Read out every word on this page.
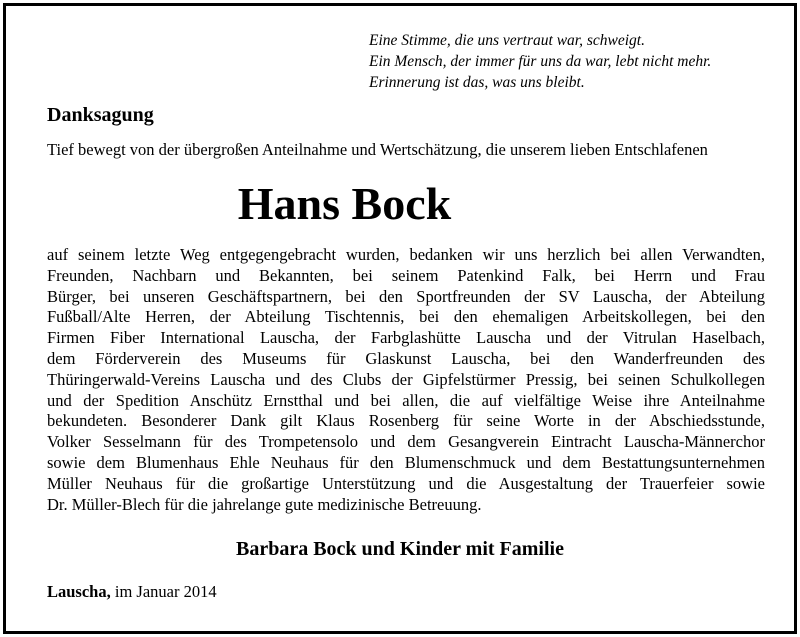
Eine Stimme, die uns vertraut war, schweigt.
Ein Mensch, der immer für uns da war, lebt nicht mehr.
Erinnerung ist das, was uns bleibt.
Danksagung
Tief bewegt von der übergroßen Anteilnahme und Wertschätzung, die unserem lieben Entschlafenen
Hans Bock
auf seinem letzte Weg entgegengebracht wurden, bedanken wir uns herzlich bei allen Verwandten,
Freunden, Nachbarn und Bekannten, bei seinem Patenkind Falk, bei Herrn und Frau
Bürger, bei unseren Geschäftspartnern, bei den Sportfreunden der SV Lauscha, der Abteilung
Fußball/Alte Herren, der Abteilung Tischtennis, bei den ehemaligen Arbeitskollegen, bei den
Firmen Fiber International Lauscha, der Farbglashütte Lauscha und der Vitrulan Haselbach,
dem Förderverein des Museums für Glaskunst Lauscha, bei den Wanderfreunden des
Thüringerwald-Vereins Lauscha und des Clubs der Gipfelstürmer Pressig, bei seinen Schulkollegen
und der Spedition Anschütz Ernstthal und bei allen, die auf vielfältige Weise ihre Anteilnahme
bekundeten. Besonderer Dank gilt Klaus Rosenberg für seine Worte in der Abschiedsstunde,
Volker Sesselmann für des Trompetensolo und dem Gesangverein Eintracht Lauscha-Männerchor
sowie dem Blumenhaus Ehle Neuhaus für den Blumenschmuck und dem Bestattungsunternehmen
Müller Neuhaus für die großartige Unterstützung und die Ausgestaltung der Trauerfeier sowie
Dr. Müller-Blech für die jahrelange gute medizinische Betreuung.
Barbara Bock und Kinder mit Familie
Lauscha, im Januar 2014
